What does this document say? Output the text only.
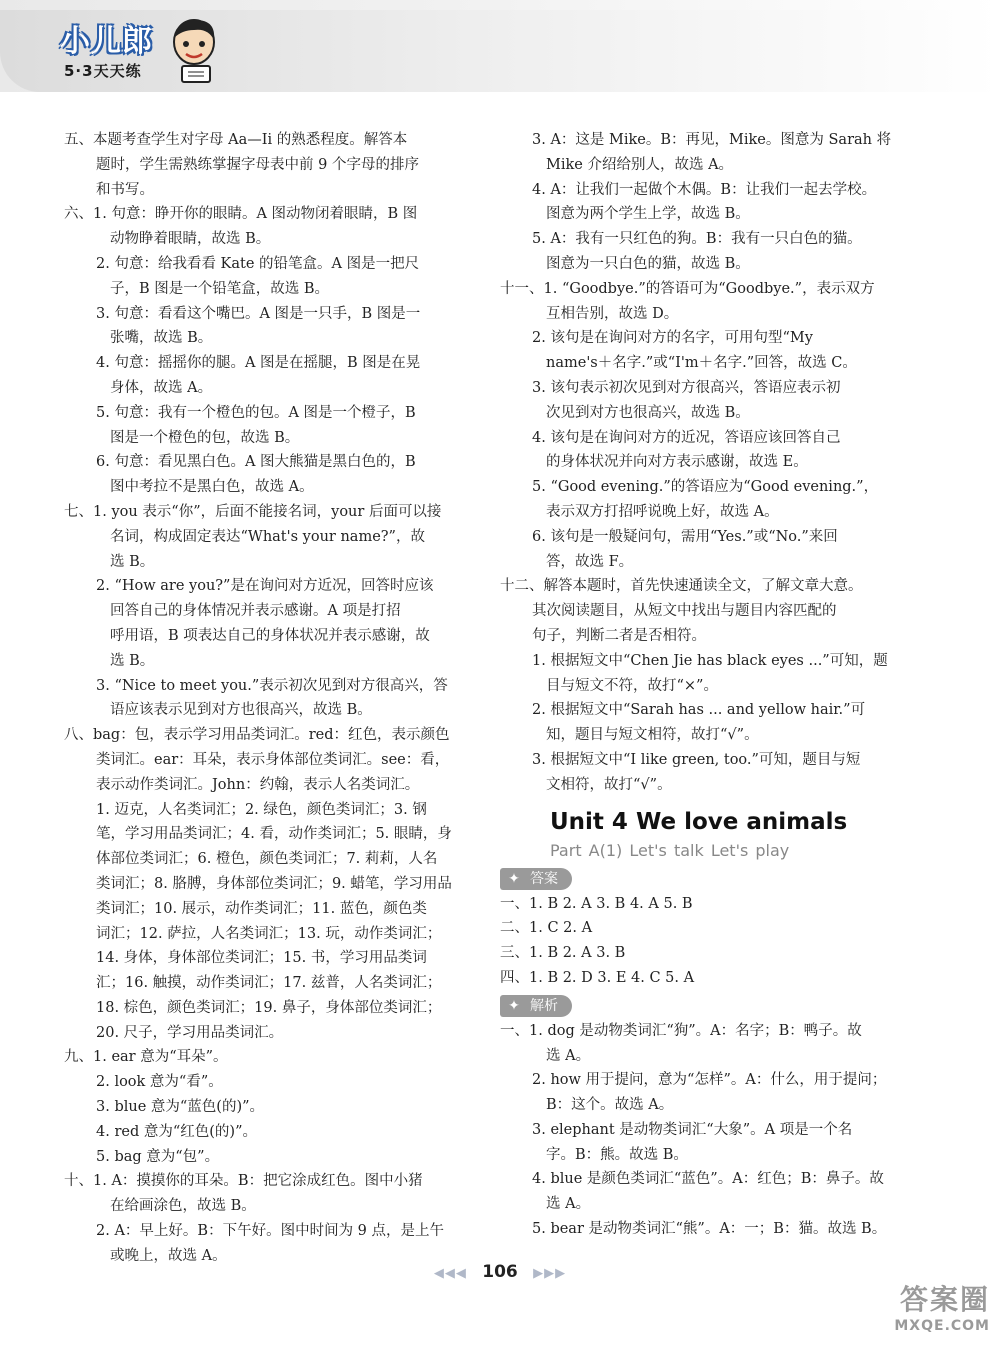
小儿郎
5·3天天练
五、本题考查学生对字母 Aa—Ii 的熟悉程度。解答本
题时，学生需熟练掌握字母表中前 9 个字母的排序
和书写。
六、1. 句意：睁开你的眼睛。A 图动物闭着眼睛，B 图
动物睁着眼睛，故选 B。
2. 句意：给我看看 Kate 的铅笔盒。A 图是一把尺
子，B 图是一个铅笔盒，故选 B。
3. 句意：看看这个嘴巴。A 图是一只手，B 图是一
张嘴，故选 B。
4. 句意：摇摇你的腿。A 图是在摇腿，B 图是在晃
身体，故选 A。
5. 句意：我有一个橙色的包。A 图是一个橙子，B
图是一个橙色的包，故选 B。
6. 句意：看见黑白色。A 图大熊猫是黑白色的，B
图中考拉不是黑白色，故选 A。
七、1. you 表示“你”，后面不能接名词，your 后面可以接
名词，构成固定表达“What's your name?”，故
选 B。
2. “How are you?”是在询问对方近况，回答时应该
回答自己的身体情况并表示感谢。A 项是打招
呼用语，B 项表达自己的身体状况并表示感谢，故
选 B。
3. “Nice to meet you.”表示初次见到对方很高兴，答
语应该表示见到对方也很高兴，故选 B。
八、bag：包，表示学习用品类词汇。red：红色，表示颜色
类词汇。ear：耳朵，表示身体部位类词汇。see：看，
表示动作类词汇。John：约翰，表示人名类词汇。
1. 迈克，人名类词汇；2. 绿色，颜色类词汇；3. 钢
笔，学习用品类词汇；4. 看，动作类词汇；5. 眼睛，身
体部位类词汇；6. 橙色，颜色类词汇；7. 莉莉，人名
类词汇；8. 胳膊，身体部位类词汇；9. 蜡笔，学习用品
类词汇；10. 展示，动作类词汇；11. 蓝色，颜色类
词汇；12. 萨拉，人名类词汇；13. 玩，动作类词汇；
14. 身体，身体部位类词汇；15. 书，学习用品类词
汇；16. 触摸，动作类词汇；17. 兹普，人名类词汇；
18. 棕色，颜色类词汇；19. 鼻子，身体部位类词汇；
20. 尺子，学习用品类词汇。
九、1. ear 意为“耳朵”。
2. look 意为“看”。
3. blue 意为“蓝色(的)”。
4. red 意为“红色(的)”。
5. bag 意为“包”。
十、1. A：摸摸你的耳朵。B：把它涂成红色。图中小猪
在给画涂色，故选 B。
2. A：早上好。B：下午好。图中时间为 9 点，是上午
或晚上，故选 A。
3. A：这是 Mike。B：再见，Mike。图意为 Sarah 将
Mike 介绍给别人，故选 A。
4. A：让我们一起做个木偶。B：让我们一起去学校。
图意为两个学生上学，故选 B。
5. A：我有一只红色的狗。B：我有一只白色的猫。
图意为一只白色的猫，故选 B。
十一、1. “Goodbye.”的答语可为“Goodbye.”，表示双方
互相告别，故选 D。
2. 该句是在询问对方的名字，可用句型“My
name's＋名字.”或“I'm＋名字.”回答，故选 C。
3. 该句表示初次见到对方很高兴，答语应表示初
次见到对方也很高兴，故选 B。
4. 该句是在询问对方的近况，答语应该回答自己
的身体状况并向对方表示感谢，故选 E。
5. “Good evening.”的答语应为“Good evening.”，
表示双方打招呼说晚上好，故选 A。
6. 该句是一般疑问句，需用“Yes.”或“No.”来回
答，故选 F。
十二、解答本题时，首先快速通读全文，了解文章大意。
其次阅读题目，从短文中找出与题目内容匹配的
句子，判断二者是否相符。
1. 根据短文中“Chen Jie has black eyes ...”可知，题
目与短文不符，故打“×”。
2. 根据短文中“Sarah has ... and yellow hair.”可
知，题目与短文相符，故打“√”。
3. 根据短文中“I like green, too.”可知，题目与短
文相符，故打“√”。
Unit 4 We love animals
Part A(1) Let's talk Let's play
✦ 答案
一、1. B 2. A 3. B 4. A 5. B
二、1. C 2. A
三、1. B 2. A 3. B
四、1. B 2. D 3. E 4. C 5. A
✦ 解析
一、1. dog 是动物类词汇“狗”。A：名字；B：鸭子。故
选 A。
2. how 用于提问，意为“怎样”。A：什么，用于提问；
B：这个。故选 A。
3. elephant 是动物类词汇“大象”。A 项是一个名
字。B：熊。故选 B。
4. blue 是颜色类词汇“蓝色”。A：红色；B：鼻子。故
选 A。
5. bear 是动物类词汇“熊”。A：一；B：猫。故选 B。
◀◀◀ 106 ▶▶▶
答案圈
MXQE.COM
